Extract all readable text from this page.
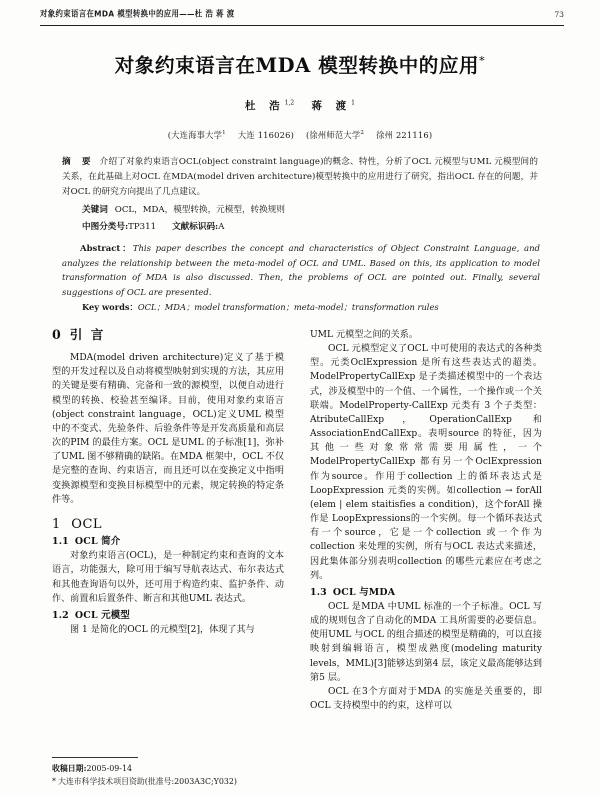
对象约束语言在MDA 模型转换中的应用——杜 浩 蒋 渡	73
对象约束语言在MDA 模型转换中的应用*
杜 浩$^{1,2}$ 蒋 渡$^1$
(大连海事大学$^1$ 大连 116026) (徐州师范大学$^2$ 徐州 221116)
摘 要 介绍了对象约束语言OCL(object constraint language)的概念、特性，分析了OCL 元模型与UML 元模型间的关系，在此基础上对OCL 在MDA(model driven architecture)模型转换中的应用进行了研究，指出OCL 存在的问题，并对OCL 的研究方向提出了几点建议。
关键词 OCL，MDA，模型转换，元模型，转换规则
中图分类号:TP311 文献标识码:A
Abstract：This paper describes the concept and characteristics of Object Constraint Language, and analyzes the relationship between the meta-model of OCL and UML. Based on this, its application to model transformation of MDA is also discussed. Then, the problems of OCL are pointed out. Finally, several suggestions of OCL are presented.
Key words：OCL；MDA；model transformation；meta-model；transformation rules
0 引 言

MDA(model driven architecture)定义了基于模型的开发过程以及自动将模型映射到实现的方法，其应用的关键是要有精确、完备和一致的源模型，以便自动进行模型的转换、校验甚至编译。目前，使用对象约束语言(object constraint language，OCL)定义UML 模型中的不变式、先验条件、后验条件等是开发高质量和高层次的PIM 的最佳方案。OCL 是UML 的子标准[1]，弥补了UML 图不够精确的缺陷。在MDA 框架中，OCL 不仅是完整的查询、约束语言，而且还可以在变换定义中指明变换源模型和变换目标模型中的元素，规定转换的特定条件等。

1 OCL
1.1 OCL 简介

对象约束语言(OCL)，是一种制定约束和查询的文本语言，功能强大，除可用于编写导航表达式、布尔表达式和其他查询语句以外，还可用于构造约束、监护条件、动作、前置和后置条件、断言和其他UML 表达式。

1.2 OCL 元模型

图 1 是简化的OCL 的元模型[2]，体现了其与

UML 元模型之间的关系。

OCL 元模型定义了OCL 中可使用的表达式的各种类型。元类OclExpression 是所有这些表达式的超类。ModelPropertyCallExp 是子类描述模型中的一个表达式，涉及模型中的一个值、一个属性，一个操作或一个关联端。ModelProperty-CallExp 元类有 3 个子类型：AtributeCallExp，OperationCallExp 和 AssociationEndCallExp。表明source 的特征，因为其他一些对象常常需要用属性，一个ModelPropertyCallExp 都有另一个OclExpression 作为source。作用于collection 上的循环表达式是 LoopExpression 元类的实例。如collection → forAll (elem | elem staitisfies a condition)，这个forAll 操作是 LoopExpressions的一个实例。每一个循环表达式有一个source，它是一个collection 或一个作为collection 来处理的实例，所有与OCL 表达式来描述，因此集体部分别表明collection 的哪些元素应在考虑之列。

1.3 OCL 与MDA

OCL 是MDA 中UML 标准的一个子标准。OCL 写成的规则包含了自动化的MDA 工具所需要的必要信息。使用UML 与OCL 的组合描述的模型是精确的，可以直接映射到编辑语言，模型成熟度(modeling maturity levels，MML)[3]能够达到第4 层，该定义最高能够达到第5 层。

OCL 在3个方面对于MDA 的实施是关重要的，即OCL 支持模型中的约束，这样可以

收稿日期:2005-09-14
* 大连市科学技术项目资助(批准号:2003A3C;Y032)
